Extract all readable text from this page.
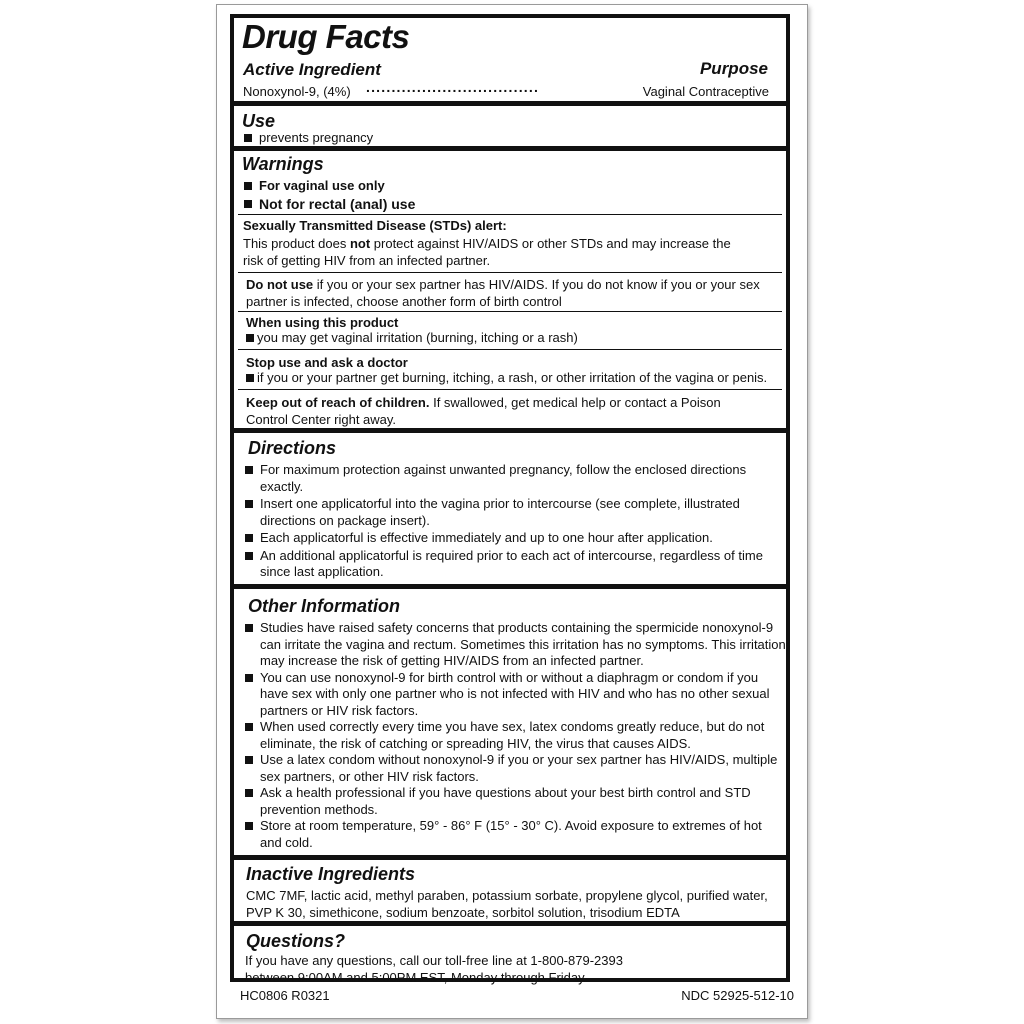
Drug Facts
Active Ingredient	Purpose
Nonoxynol-9, (4%) ..................................	Vaginal Contraceptive
Use
prevents pregnancy
Warnings
For vaginal use only
Not for rectal (anal) use
Sexually Transmitted Disease (STDs) alert:
This product does not protect against HIV/AIDS or other STDs and may increase the risk of getting HIV from an infected partner.
Do not use if you or your sex partner has HIV/AIDS. If you do not know if you or your sex partner is infected, choose another form of birth control
When using this product
you may get vaginal irritation (burning, itching or a rash)
Stop use and ask a doctor
if you or your partner get burning, itching, a rash, or other irritation of the vagina or penis.
Keep out of reach of children. If swallowed, get medical help or contact a Poison Control Center right away.
Directions
For maximum protection against unwanted pregnancy, follow the enclosed directions exactly.
Insert one applicatorful into the vagina prior to intercourse (see complete, illustrated directions on package insert).
Each applicatorful is effective immediately and up to one hour after application.
An additional applicatorful is required prior to each act of intercourse, regardless of time since last application.
Other Information
Studies have raised safety concerns that products containing the spermicide nonoxynol-9 can irritate the vagina and rectum. Sometimes this irritation has no symptoms. This irritation may increase the risk of getting HIV/AIDS from an infected partner.
You can use nonoxynol-9 for birth control with or without a diaphragm or condom if you have sex with only one partner who is not infected with HIV and who has no other sexual partners or HIV risk factors.
When used correctly every time you have sex, latex condoms greatly reduce, but do not eliminate, the risk of catching or spreading HIV, the virus that causes AIDS.
Use a latex condom without nonoxynol-9 if you or your sex partner has HIV/AIDS, multiple sex partners, or other HIV risk factors.
Ask a health professional if you have questions about your best birth control and STD prevention methods.
Store at room temperature, 59° - 86° F (15° - 30° C). Avoid exposure to extremes of hot and cold.
Inactive Ingredients
CMC 7MF, lactic acid, methyl paraben, potassium sorbate, propylene glycol, purified water, PVP K 30, simethicone, sodium benzoate, sorbitol solution, trisodium EDTA
Questions?
If you have any questions, call our toll-free line at 1-800-879-2393 between 9:00AM and 5:00PM EST, Monday through Friday.
HC0806 R0321	NDC 52925-512-10
